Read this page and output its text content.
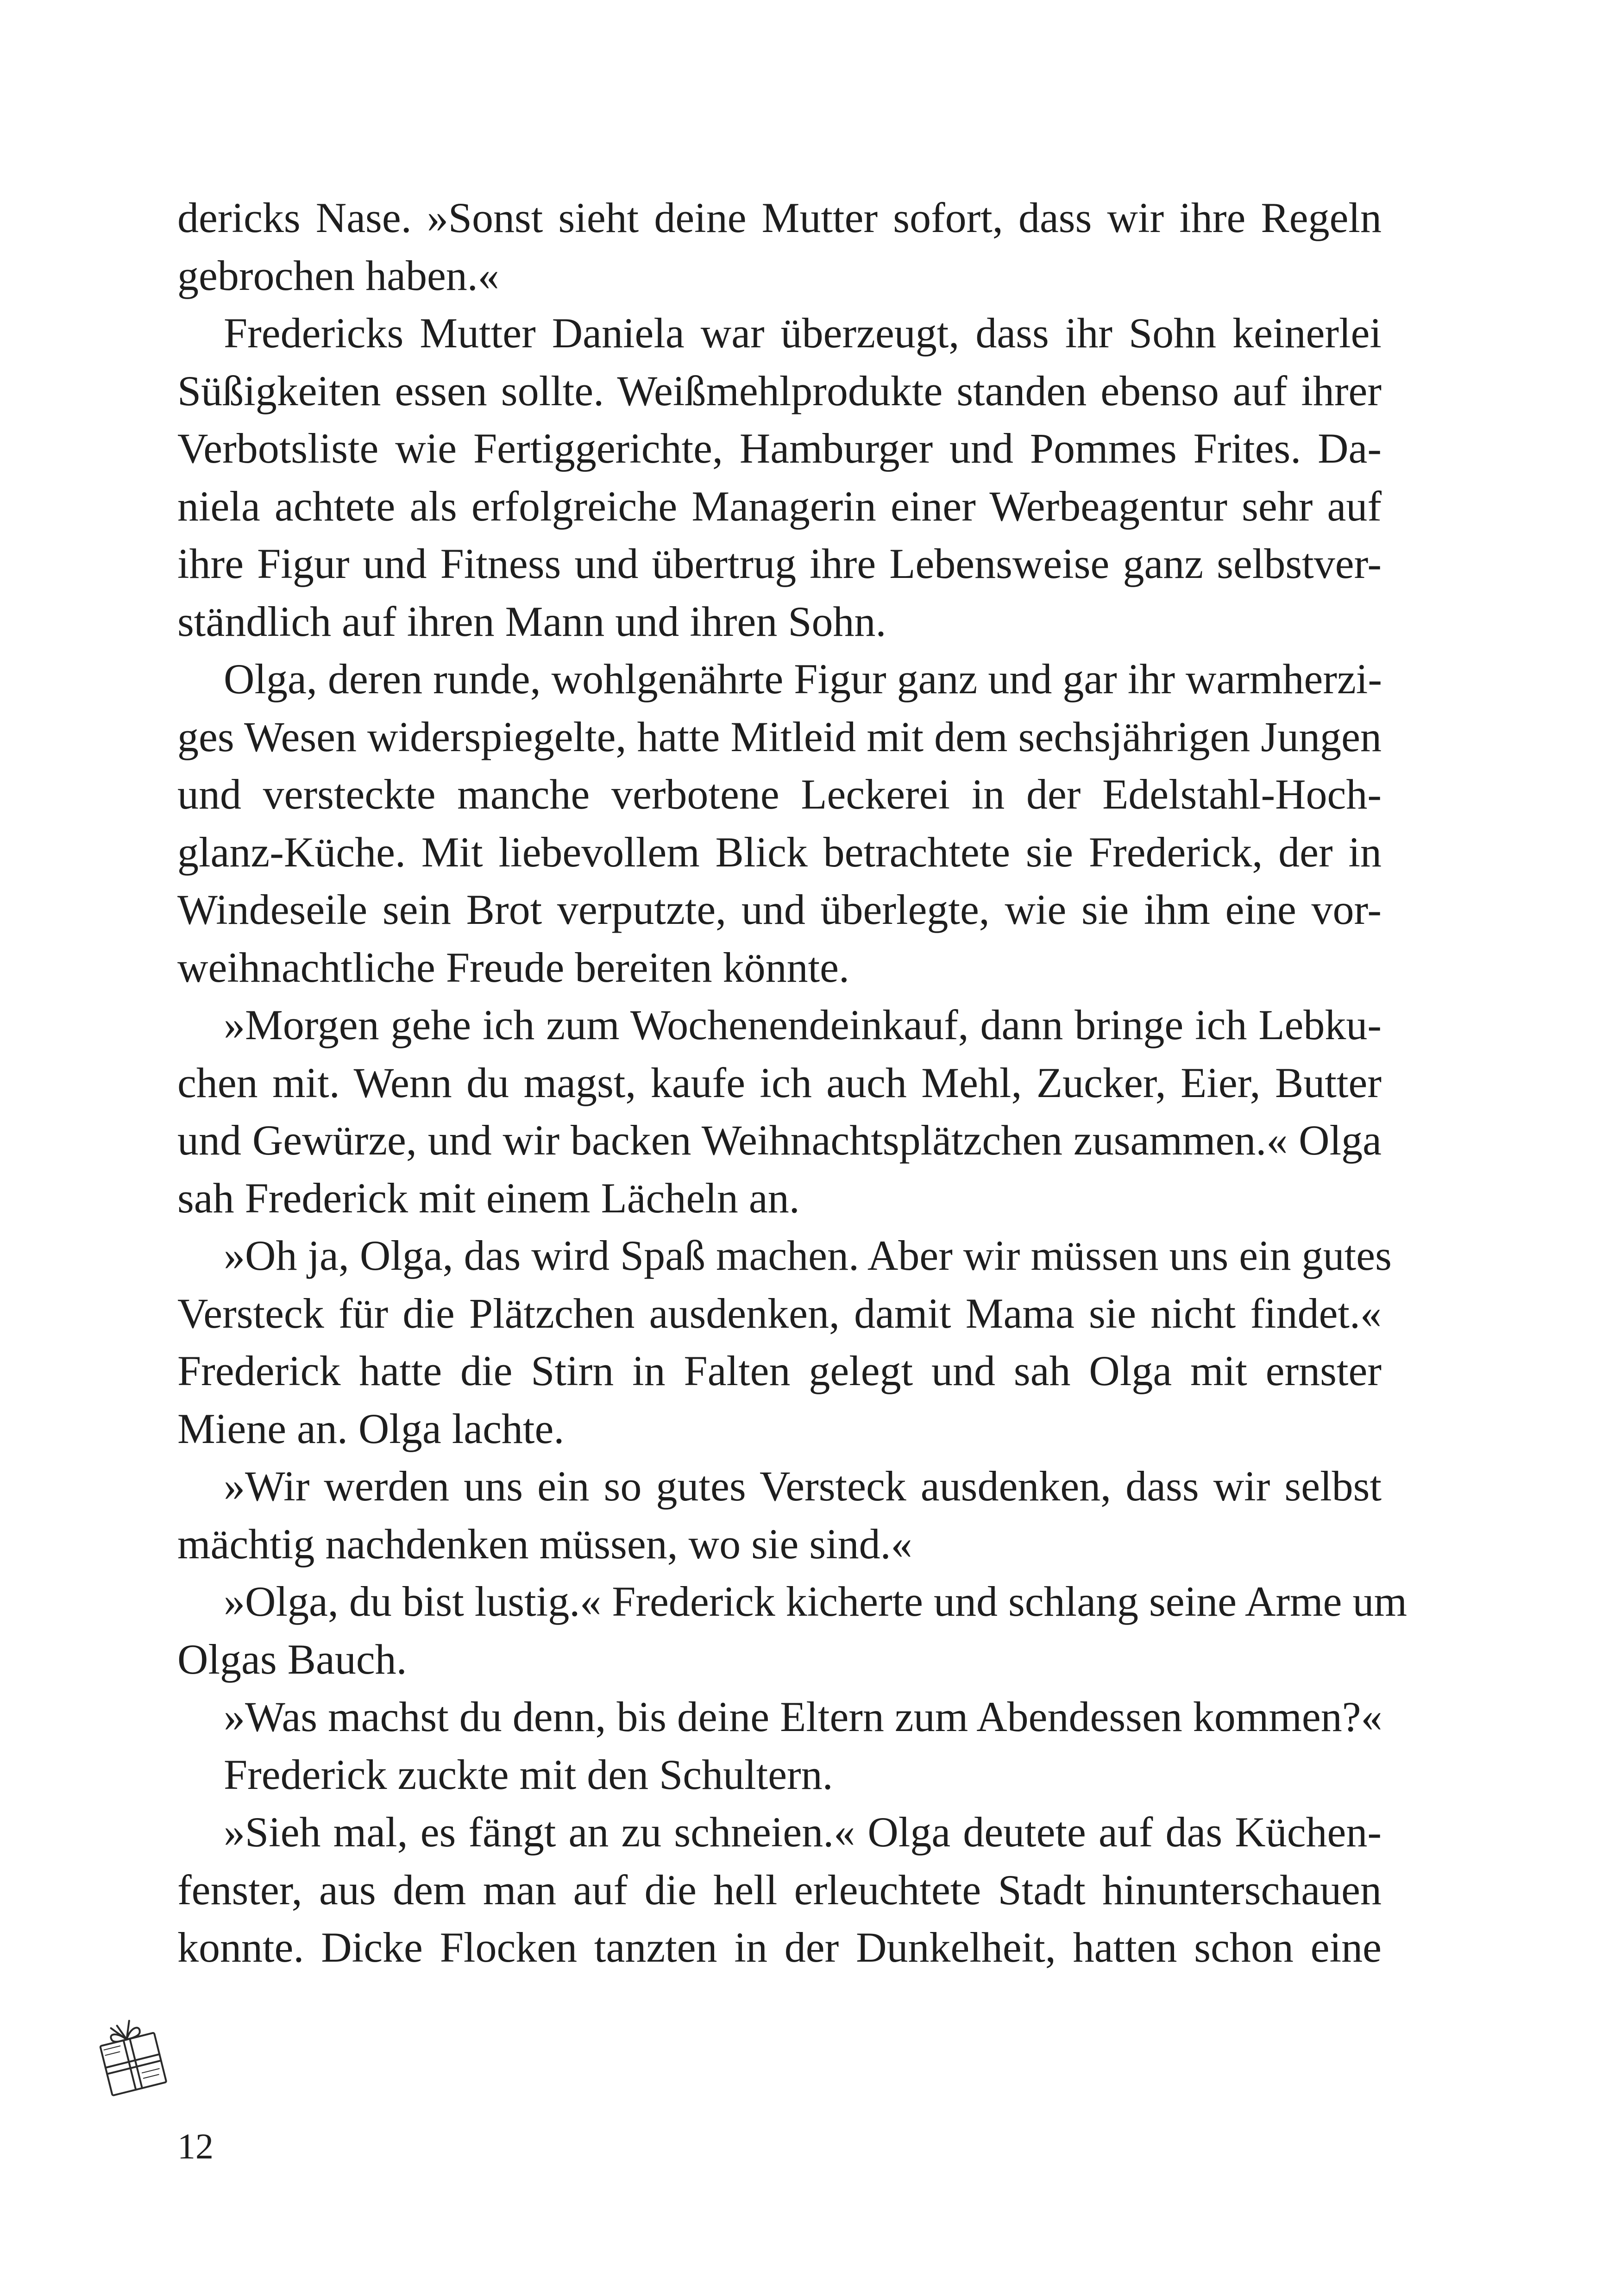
dericks Nase. »Sonst sieht deine Mutter sofort, dass wir ihre Regeln
gebrochen haben.«
Fredericks Mutter Daniela war überzeugt, dass ihr Sohn keinerlei
Süßigkeiten essen sollte. Weißmehlprodukte standen ebenso auf ihrer
Verbotsliste wie Fertiggerichte, Hamburger und Pommes Frites. Da-
niela achtete als erfolgreiche Managerin einer Werbeagentur sehr auf
ihre Figur und Fitness und übertrug ihre Lebensweise ganz selbstver-
ständlich auf ihren Mann und ihren Sohn.
Olga, deren runde, wohlgenährte Figur ganz und gar ihr warmherzi-
ges Wesen widerspiegelte, hatte Mitleid mit dem sechsjährigen Jungen
und versteckte manche verbotene Leckerei in der Edelstahl-Hoch-
glanz-Küche. Mit liebevollem Blick betrachtete sie Frederick, der in
Windeseile sein Brot verputzte, und überlegte, wie sie ihm eine vor-
weihnachtliche Freude bereiten könnte.
»Morgen gehe ich zum Wochenendeinkauf, dann bringe ich Lebku-
chen mit. Wenn du magst, kaufe ich auch Mehl, Zucker, Eier, Butter
und Gewürze, und wir backen Weihnachtsplätzchen zusammen.« Olga
sah Frederick mit einem Lächeln an.
»Oh ja, Olga, das wird Spaß machen. Aber wir müssen uns ein gutes
Versteck für die Plätzchen ausdenken, damit Mama sie nicht findet.«
Frederick hatte die Stirn in Falten gelegt und sah Olga mit ernster
Miene an. Olga lachte.
»Wir werden uns ein so gutes Versteck ausdenken, dass wir selbst
mächtig nachdenken müssen, wo sie sind.«
»Olga, du bist lustig.« Frederick kicherte und schlang seine Arme um
Olgas Bauch.
»Was machst du denn, bis deine Eltern zum Abendessen kommen?«
Frederick zuckte mit den Schultern.
»Sieh mal, es fängt an zu schneien.« Olga deutete auf das Küchen-
fenster, aus dem man auf die hell erleuchtete Stadt hinunterschauen
konnte. Dicke Flocken tanzten in der Dunkelheit, hatten schon eine
12
